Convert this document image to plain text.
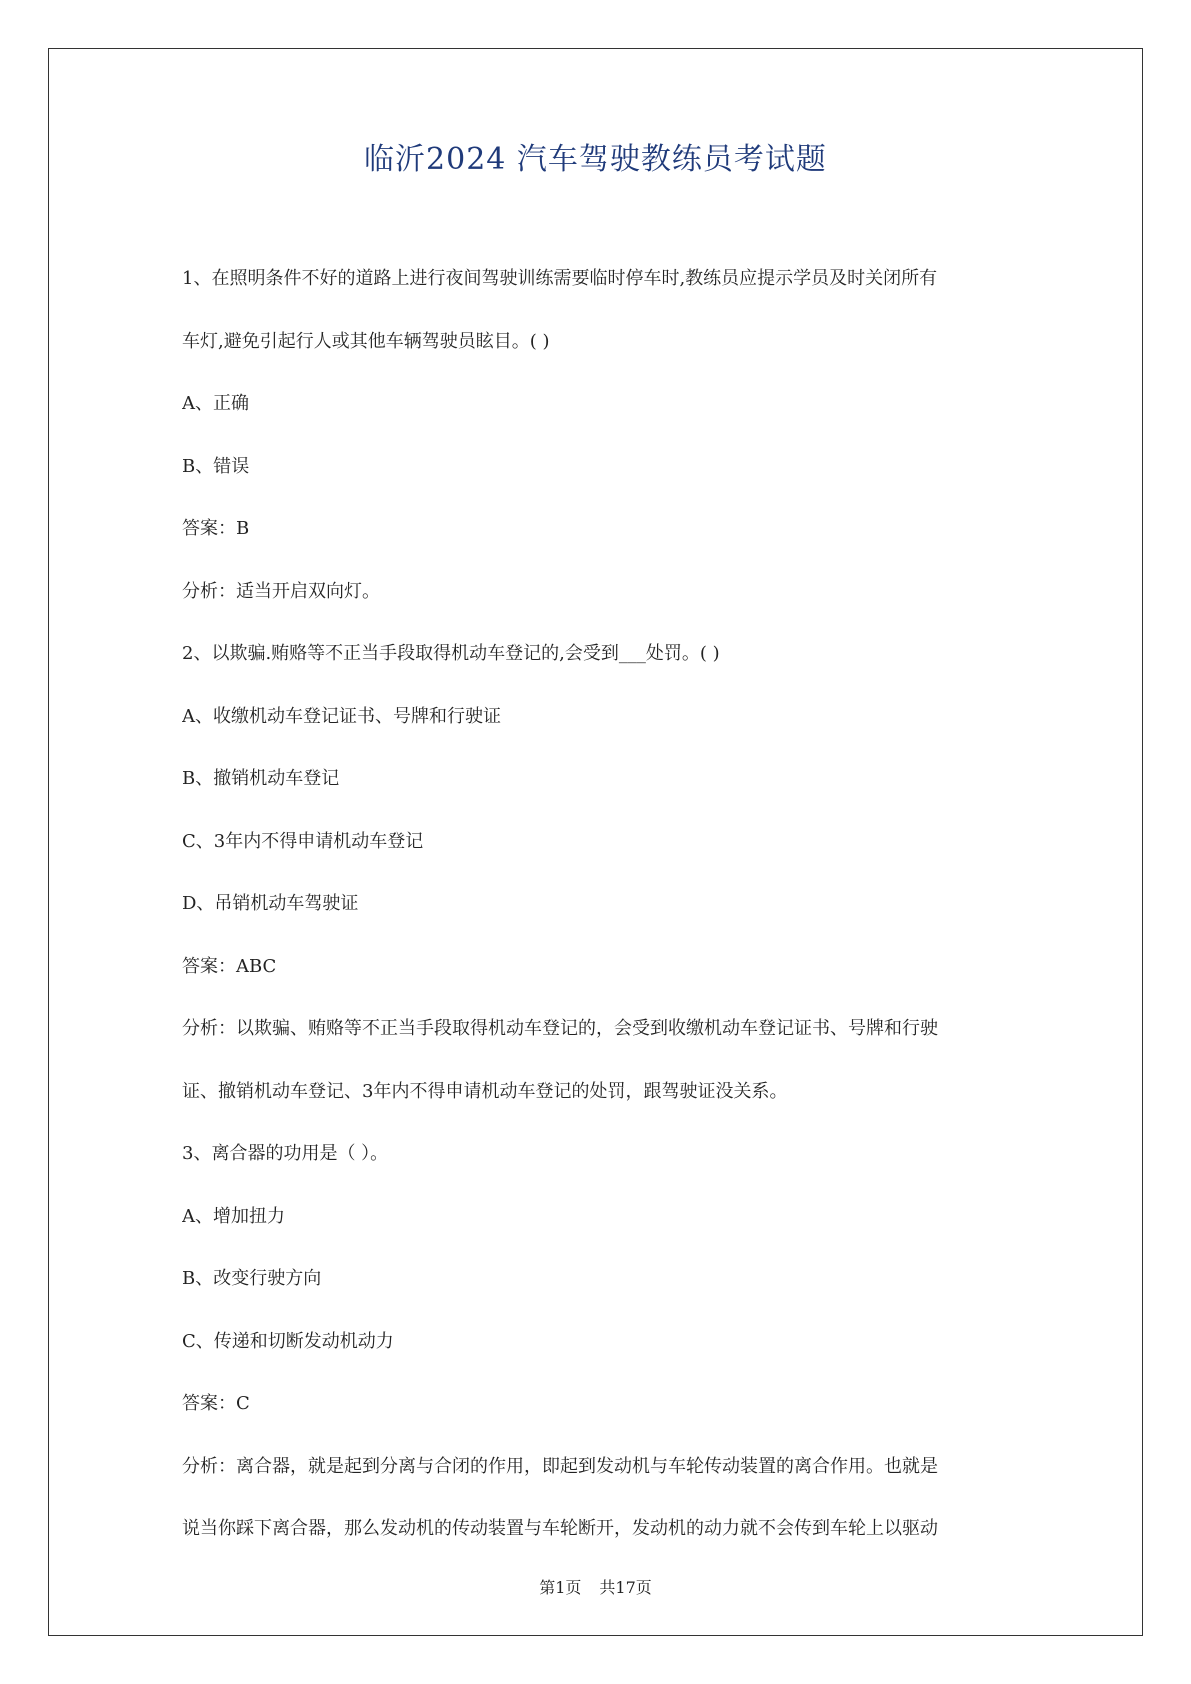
临沂2024 汽车驾驶教练员考试题
1、在照明条件不好的道路上进行夜间驾驶训练需要临时停车时,教练员应提示学员及时关闭所有
车灯,避免引起行人或其他车辆驾驶员眩目。( )
A、正确
B、错误
答案：B
分析：适当开启双向灯。
2、以欺骗.贿赂等不正当手段取得机动车登记的,会受到___处罚。( )
A、收缴机动车登记证书、号牌和行驶证
B、撤销机动车登记
C、3年内不得申请机动车登记
D、吊销机动车驾驶证
答案：ABC
分析：以欺骗、贿赂等不正当手段取得机动车登记的，会受到收缴机动车登记证书、号牌和行驶
证、撤销机动车登记、3年内不得申请机动车登记的处罚，跟驾驶证没关系。
3、离合器的功用是（ ）。
A、增加扭力
B、改变行驶方向
C、传递和切断发动机动力
答案：C
分析：离合器，就是起到分离与合闭的作用，即起到发动机与车轮传动装置的离合作用。也就是
说当你踩下离合器，那么发动机的传动装置与车轮断开，发动机的动力就不会传到车轮上以驱动
第1页 共17页
